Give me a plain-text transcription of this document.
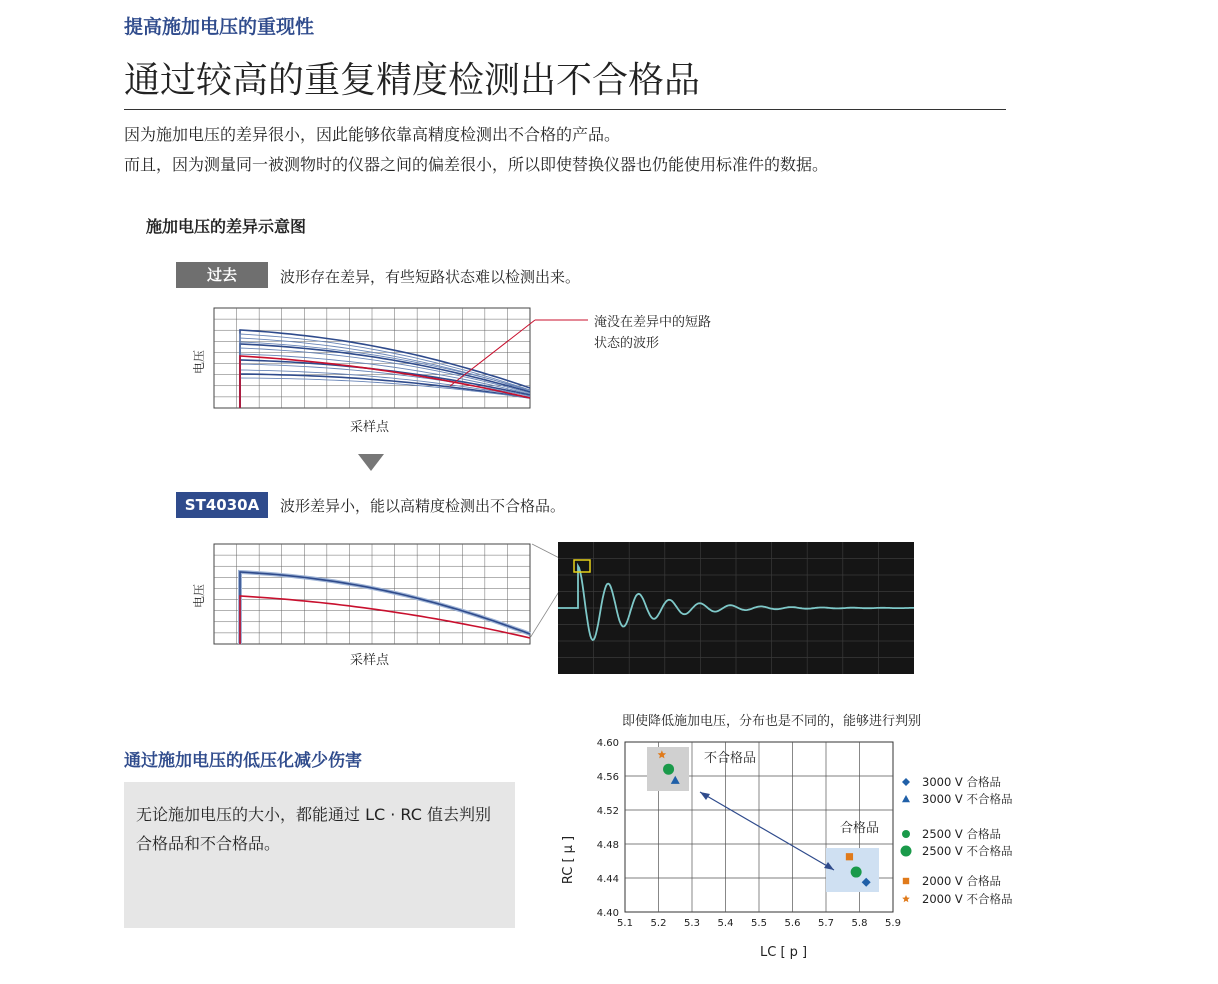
提高施加电压的重现性
通过较高的重复精度检测出不合格品
因为施加电压的差异很小，因此能够依靠高精度检测出不合格的产品。
而且，因为测量同一被测物时的仪器之间的偏差很小，所以即使替换仪器也仍能使用标准件的数据。
施加电压的差异示意图
过去	波形存在差异，有些短路状态难以检测出来。
淹没在差异中的短路
状态的波形
电压
采样点
ST4030A	波形差异小，能以高精度检测出不合格品。
电压
采样点
通过施加电压的低压化减少伤害
无论施加电压的大小，都能通过 LC · RC 值去判别
合格品和不合格品。
即使降低施加电压，分布也是不同的，能够进行判别
5.1 5.2 5.3 5.4 5.5 5.6 5.7 5.8 5.9
4.60
4.56
4.52
4.48
4.44
4.40
不合格品
合格品
LC [ p ]
RC [ μ ]
3000 V 合格品
3000 V 不合格品
2500 V 合格品
2500 V 不合格品
2000 V 合格品
2000 V 不合格品
